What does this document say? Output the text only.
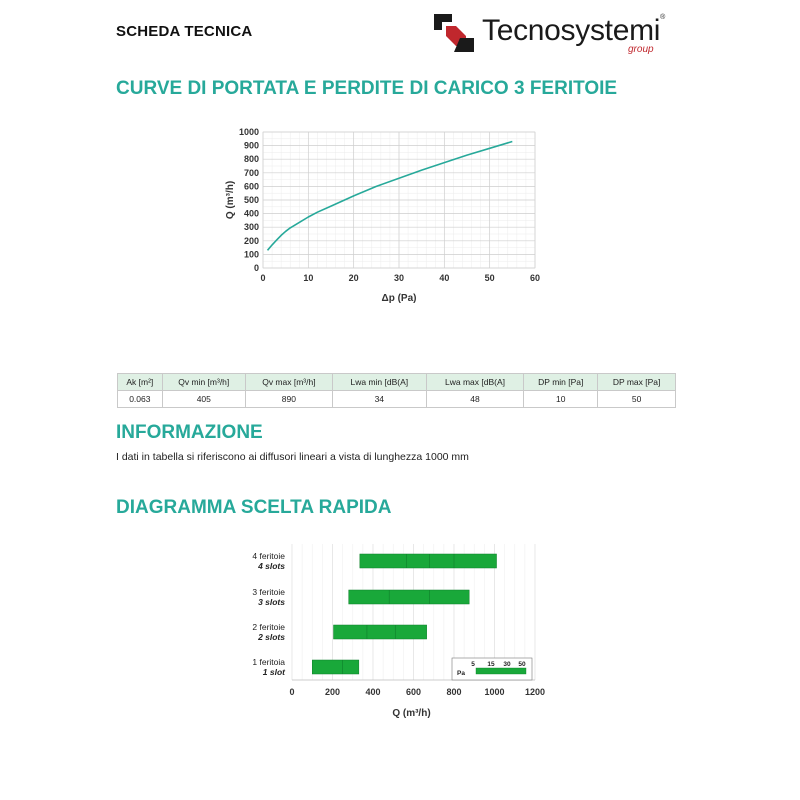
SCHEDA TECNICA	Tecnosystemi®
group
CURVE DI PORTATA E PERDITE DI CARICO 3 FERITOIE
0	10	20	30	40	50	60
0
100
200
300
400
500
600
700
800
900
1000
Δp (Pa)
Q (m³/h)
Ak [m²]	Qv min [m³/h]	Qv max [m³/h]	Lwa min [dB(A]	Lwa max [dB(A]	DP min [Pa]	DP max [Pa]
0.063	405	890	34	48	10	50
INFORMAZIONE
I dati in tabella si riferiscono ai diffusori lineari a vista di lunghezza 1000 mm
DIAGRAMMA SCELTA RAPIDA
0	200	400	600	800	1000 1200
Q (m³/h)
4 feritoie
4 slots
3 feritoie
3 slots
2 feritoie
2 slots
1 feritoia
1 slot	Pa
5 15 30 50
